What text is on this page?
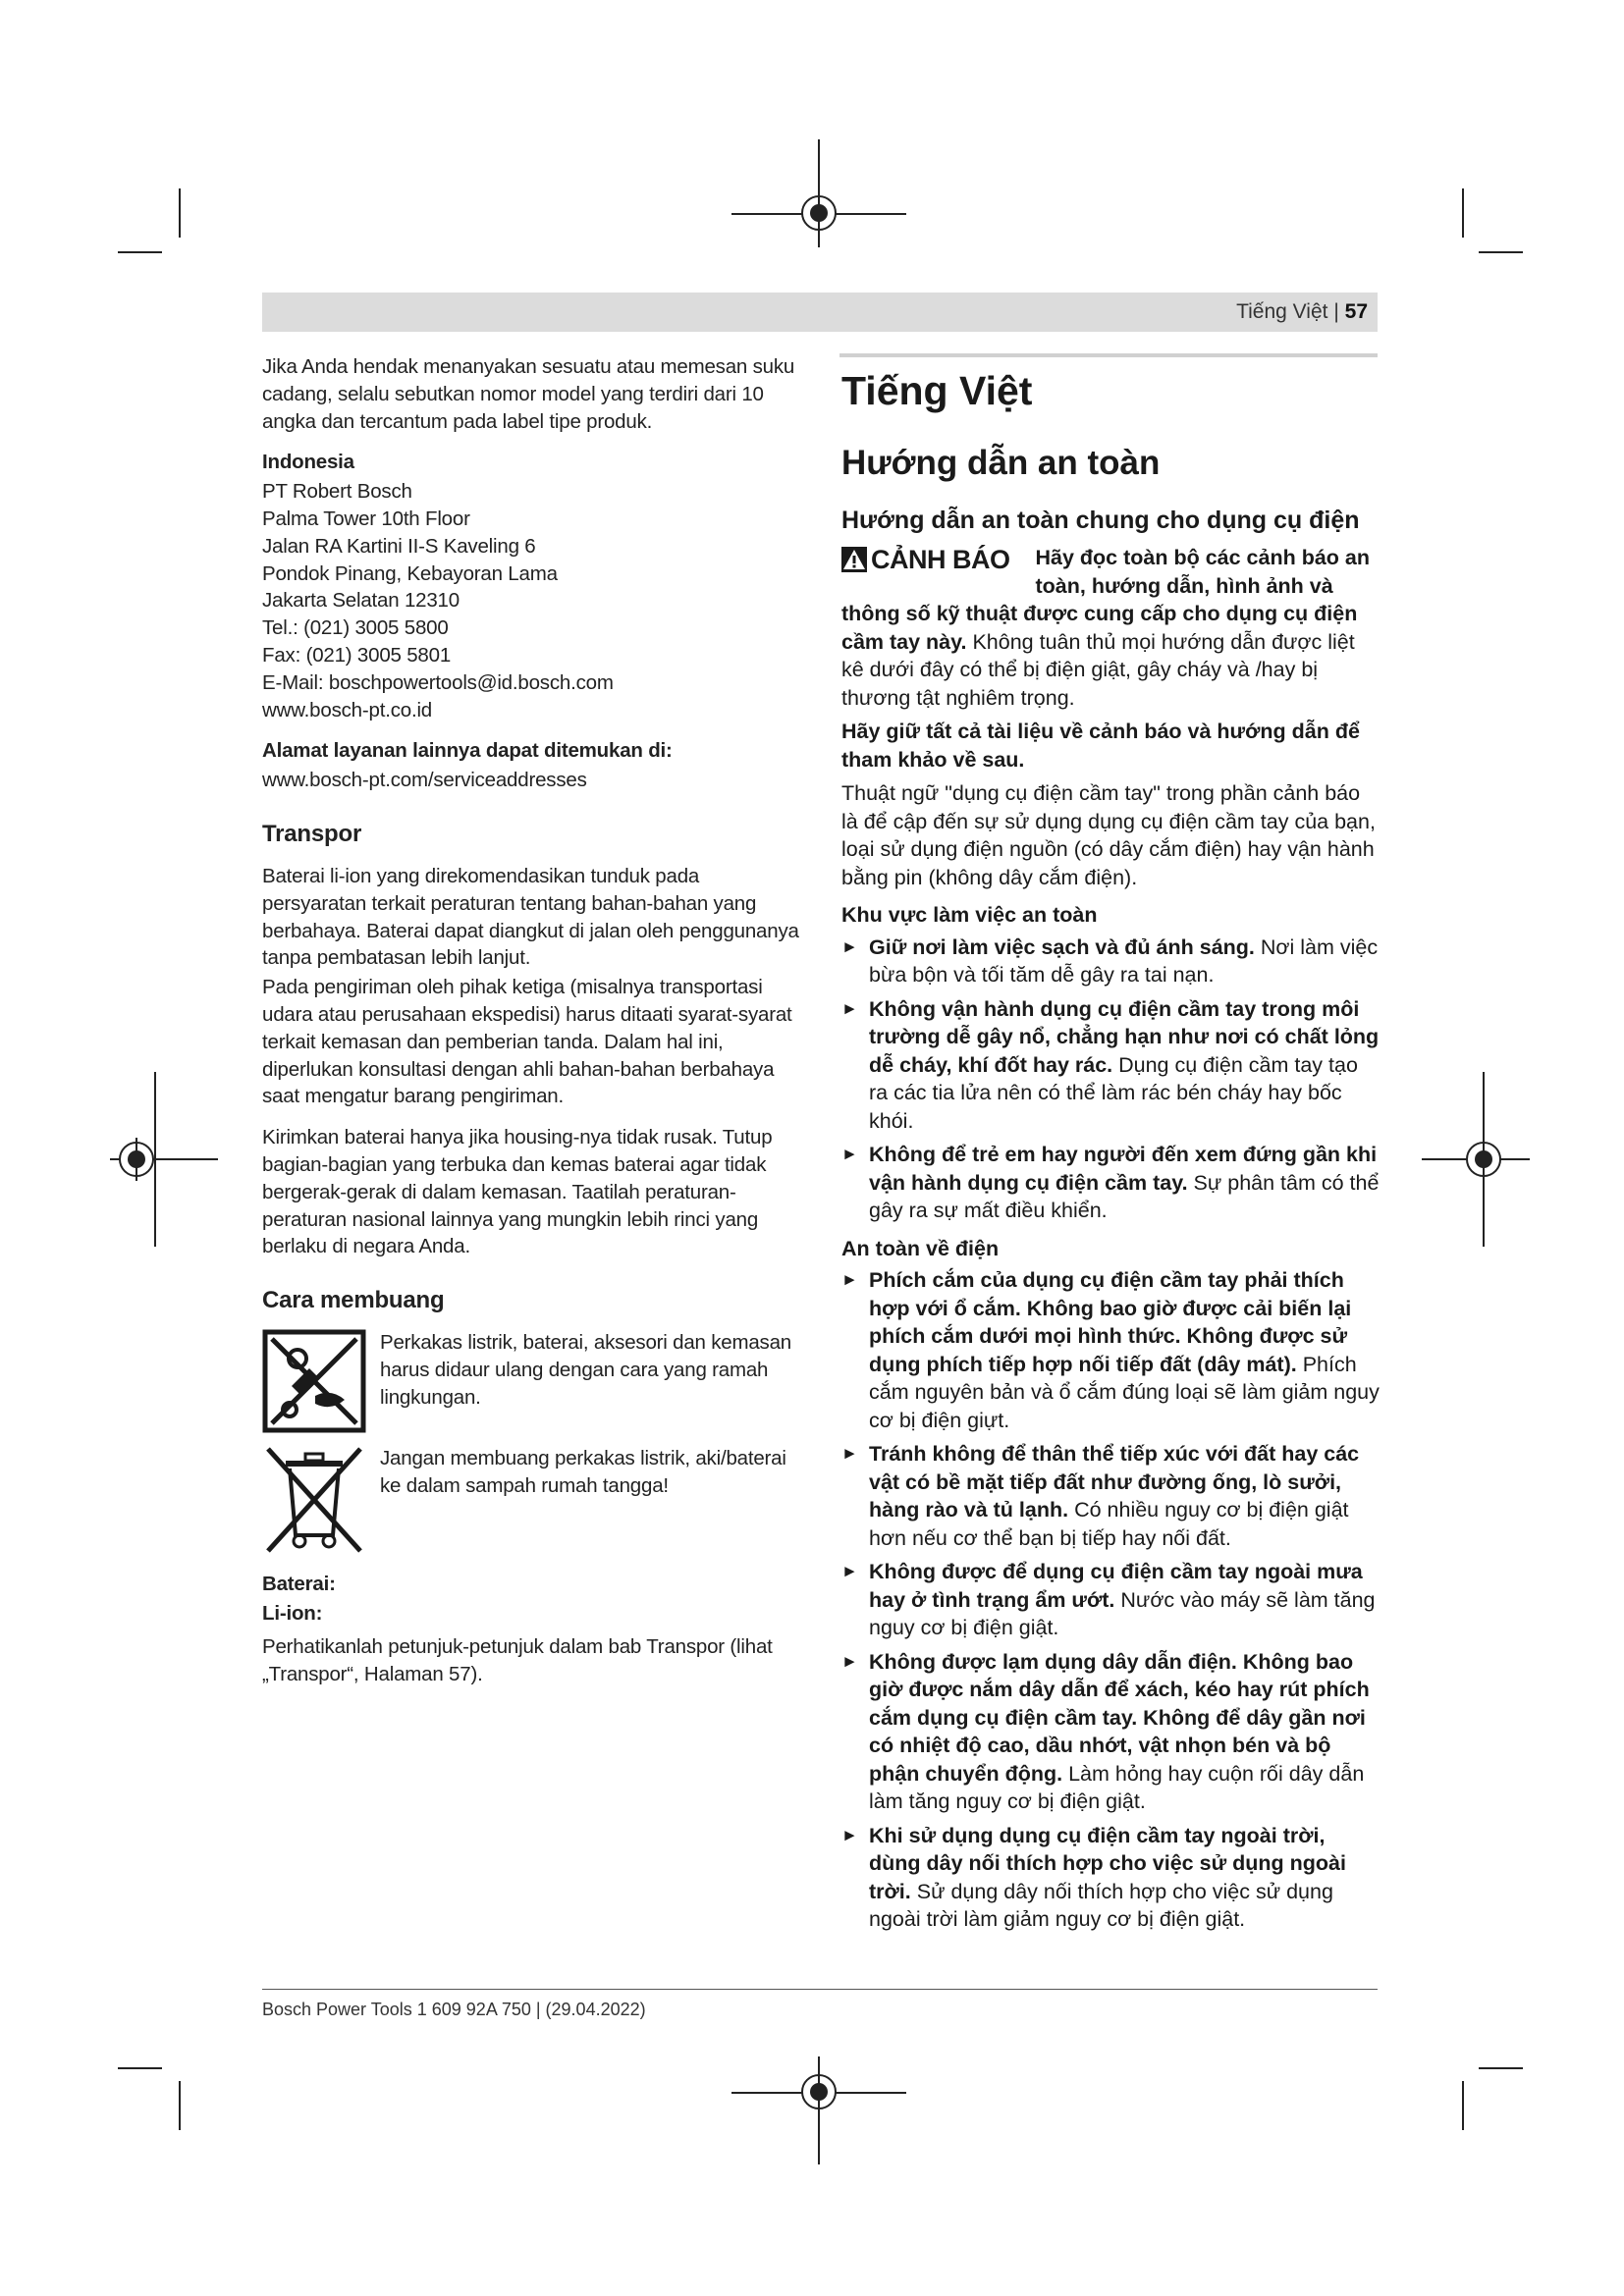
Tiếng Việt | 57

Jika Anda hendak menanyakan sesuatu atau memesan suku cadang, selalu sebutkan nomor model yang terdiri dari 10 angka dan tercantum pada label tipe produk.

Indonesia

PT Robert Bosch
Palma Tower 10th Floor
Jalan RA Kartini II-S Kaveling 6
Pondok Pinang, Kebayoran Lama
Jakarta Selatan 12310
Tel.: (021) 3005 5800
Fax: (021) 3005 5801
E-Mail: boschpowertools@id.bosch.com
www.bosch-pt.co.id

Alamat layanan lainnya dapat ditemukan di:

www.bosch-pt.com/serviceaddresses

Transpor

Baterai li-ion yang direkomendasikan tunduk pada persyaratan terkait peraturan tentang bahan-bahan yang berbahaya. Baterai dapat diangkut di jalan oleh penggunanya tanpa pembatasan lebih lanjut.

Pada pengiriman oleh pihak ketiga (misalnya transportasi udara atau perusahaan ekspedisi) harus ditaati syarat-syarat terkait kemasan dan pemberian tanda. Dalam hal ini, diperlukan konsultasi dengan ahli bahan-bahan berbahaya saat mengatur barang pengiriman.

Kirimkan baterai hanya jika housing-nya tidak rusak. Tutup bagian-bagian yang terbuka dan kemas baterai agar tidak bergerak-gerak di dalam kemasan. Taatilah peraturan-peraturan nasional lainnya yang mungkin lebih rinci yang berlaku di negara Anda.

Cara membuang
Perkakas listrik, baterai, aksesori dan kemasan harus didaur ulang dengan cara yang ramah lingkungan.
Jangan membuang perkakas listrik, aki/baterai ke dalam sampah rumah tangga!

Baterai:

Li-ion:

Perhatikanlah petunjuk-petunjuk dalam bab Transpor (lihat „Transpor“, Halaman 57).

Tiếng Việt
Hướng dẫn an toàn
Hướng dẫn an toàn chung cho dụng cụ điện
CẢNH BÁO	Hãy đọc toàn bộ các cảnh báo an toàn, hướng dẫn, hình ảnh và thông số kỹ thuật được cung cấp cho dụng cụ điện cầm tay này. Không tuân thủ mọi hướng dẫn được liệt kê dưới đây có thể bị điện giật, gây cháy và /hay bị thương tật nghiêm trọng.

Hãy giữ tất cả tài liệu về cảnh báo và hướng dẫn để tham khảo về sau.

Thuật ngữ "dụng cụ điện cầm tay" trong phần cảnh báo là để cập đến sự sử dụng dụng cụ điện cầm tay của bạn, loại sử dụng điện nguồn (có dây cắm điện) hay vận hành bằng pin (không dây cắm điện).

Khu vực làm việc an toàn
► Giữ nơi làm việc sạch và đủ ánh sáng. Nơi làm việc bừa bộn và tối tăm dễ gây ra tai nạn.
► Không vận hành dụng cụ điện cầm tay trong môi trường dễ gây nổ, chẳng hạn như nơi có chất lỏng dễ cháy, khí đốt hay rác. Dụng cụ điện cầm tay tạo ra các tia lửa nên có thể làm rác bén cháy hay bốc khói.
► Không để trẻ em hay người đến xem đứng gần khi vận hành dụng cụ điện cầm tay. Sự phân tâm có thể gây ra sự mất điều khiển.
An toàn về điện
► Phích cắm của dụng cụ điện cầm tay phải thích hợp với ổ cắm. Không bao giờ được cải biến lại phích cắm dưới mọi hình thức. Không được sử dụng phích tiếp hợp nối tiếp đất (dây mát). Phích cắm nguyên bản và ổ cắm đúng loại sẽ làm giảm nguy cơ bị điện giựt.
► Tránh không để thân thể tiếp xúc với đất hay các vật có bề mặt tiếp đất như đường ống, lò sưởi, hàng rào và tủ lạnh. Có nhiều nguy cơ bị điện giật hơn nếu cơ thể bạn bị tiếp hay nối đất.
► Không được để dụng cụ điện cầm tay ngoài mưa hay ở tình trạng ẩm ướt. Nước vào máy sẽ làm tăng nguy cơ bị điện giật.
► Không được lạm dụng dây dẫn điện. Không bao giờ được nắm dây dẫn để xách, kéo hay rút phích cắm dụng cụ điện cầm tay. Không để dây gần nơi có nhiệt độ cao, dầu nhớt, vật nhọn bén và bộ phận chuyển động. Làm hỏng hay cuộn rối dây dẫn làm tăng nguy cơ bị điện giật.
► Khi sử dụng dụng cụ điện cầm tay ngoài trời, dùng dây nối thích hợp cho việc sử dụng ngoài trời. Sử dụng dây nối thích hợp cho việc sử dụng ngoài trời làm giảm nguy cơ bị điện giật.
Bosch Power Tools 1 609 92A 750 | (29.04.2022)
